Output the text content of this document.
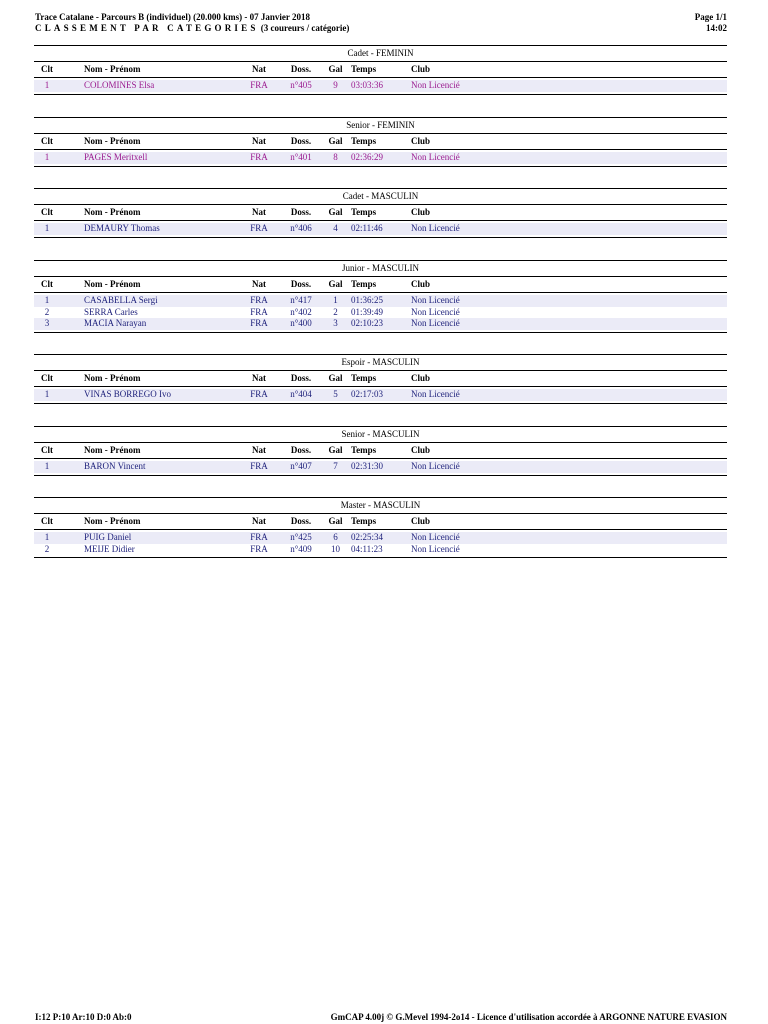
Trace Catalane - Parcours B (individuel) (20.000 kms) - 07 Janvier 2018
CLASSEMENT PAR CATEGORIES (3 coureurs / catégorie)
Page 1/1
14:02
Cadet - FEMININ
Clt	Nom - Prénom	Nat	Doss.	Gal Temps	Club
1	COLOMINES Elsa	FRA	n°405	9	03:03:36	Non Licencié
Senior - FEMININ
Clt	Nom - Prénom	Nat	Doss.	Gal Temps	Club
1	PAGES Meritxell	FRA	n°401	8	02:36:29	Non Licencié
Cadet - MASCULIN
Clt	Nom - Prénom	Nat	Doss.	Gal Temps	Club
1	DEMAURY Thomas	FRA	n°406	4	02:11:46	Non Licencié
Junior - MASCULIN
Clt	Nom - Prénom	Nat	Doss.	Gal Temps	Club
1	CASABELLA Sergi	FRA	n°417	1	01:36:25	Non Licencié
2	SERRA Carles	FRA	n°402	2	01:39:49	Non Licencié
3	MACIA Narayan	FRA	n°400	3	02:10:23	Non Licencié
Espoir - MASCULIN
Clt	Nom - Prénom	Nat	Doss.	Gal Temps	Club
1	VINAS BORREGO Ivo	FRA	n°404	5	02:17:03	Non Licencié
Senior - MASCULIN
Clt	Nom - Prénom	Nat	Doss.	Gal Temps	Club
1	BARON Vincent	FRA	n°407	7	02:31:30	Non Licencié
Master - MASCULIN
Clt	Nom - Prénom	Nat	Doss.	Gal Temps	Club
1	PUIG Daniel	FRA	n°425	6	02:25:34	Non Licencié
2	MEIJE Didier	FRA	n°409	10	04:11:23	Non Licencié
I:12 P:10 Ar:10 D:0 Ab:0	GmCAP 4.00j © G.Mevel 1994-2o14 - Licence d'utilisation accordée à ARGONNE NATURE EVASION
